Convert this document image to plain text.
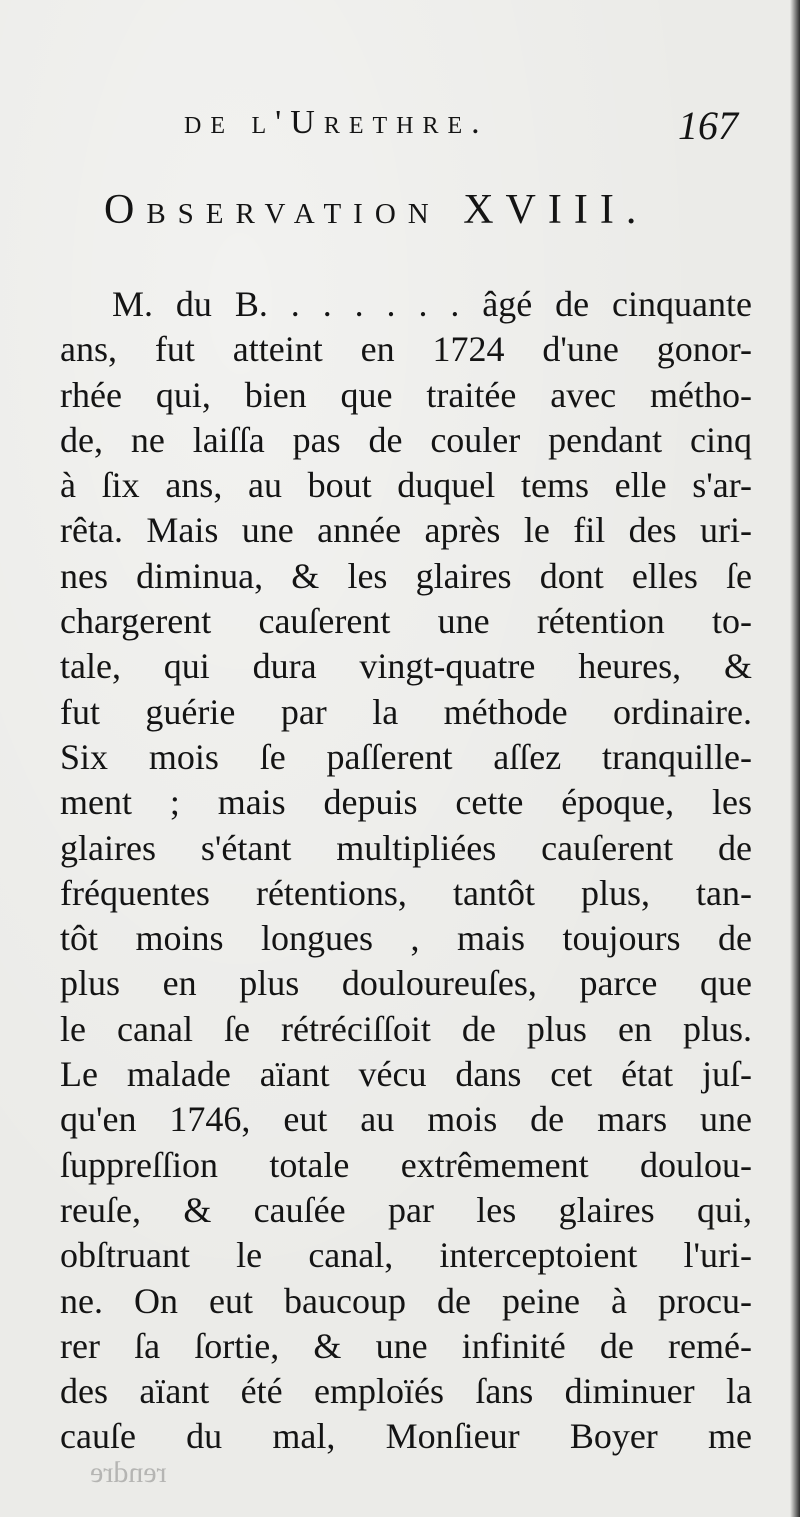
de l'Urethre.	167
Observation XVIII.
M. du B. . . . . . . âgé de cinquante
ans, fut atteint en 1724 d'une gonor-
rhée qui, bien que traitée avec métho-
de, ne laiſſa pas de couler pendant cinq
à ſix ans, au bout duquel tems elle s'ar-
rêta. Mais une année après le fil des uri-
nes diminua, & les glaires dont elles ſe
chargerent cauſerent une rétention to-
tale, qui dura vingt-quatre heures, &
fut guérie par la méthode ordinaire.
Six mois ſe paſſerent aſſez tranquille-
ment ; mais depuis cette époque, les
glaires s'étant multipliées cauſerent de
fréquentes rétentions, tantôt plus, tan-
tôt moins longues , mais toujours de
plus en plus douloureuſes, parce que
le canal ſe rétréciſſoit de plus en plus.
Le malade aïant vécu dans cet état juſ-
qu'en 1746, eut au mois de mars une
ſuppreſſion totale extrêmement doulou-
reuſe, & cauſée par les glaires qui,
obſtruant le canal, interceptoient l'uri-
ne. On eut baucoup de peine à procu-
rer ſa ſortie, & une infinité de remé-
des aïant été emploïés ſans diminuer la
cauſe du mal, Monſieur Boyer me
rendre
